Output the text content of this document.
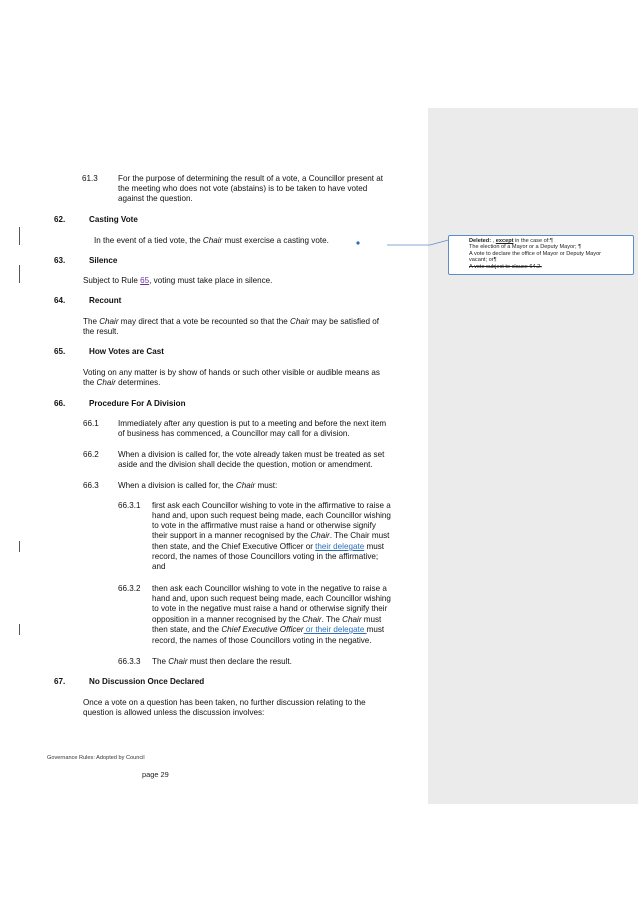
61.3 For the purpose of determining the result of a vote, a Councillor present at
the meeting who does not vote (abstains) is to be taken to have voted
against the question.
62.	Casting Vote
In the event of a tied vote, the Chair must exercise a casting vote.
63.	Silence
Subject to Rule 65, voting must take place in silence.
64.	Recount
The Chair may direct that a vote be recounted so that the Chair may be satisfied of
the result.
65.	How Votes are Cast
Voting on any matter is by show of hands or such other visible or audible means as
the Chair determines.
66.	Procedure For A Division
66.1 Immediately after any question is put to a meeting and before the next item
of business has commenced, a Councillor may call for a division.
66.2 When a division is called for, the vote already taken must be treated as set
aside and the division shall decide the question, motion or amendment.
66.3 When a division is called for, the Chair must:
66.3.1 first ask each Councillor wishing to vote in the affirmative to raise a
hand and, upon such request being made, each Councillor wishing
to vote in the affirmative must raise a hand or otherwise signify
their support in a manner recognised by the Chair. The Chair must
then state, and the Chief Executive Officer or their delegate must
record, the names of those Councillors voting in the affirmative;
and
66.3.2 then ask each Councillor wishing to vote in the negative to raise a
hand and, upon such request being made, each Councillor wishing
to vote in the negative must raise a hand or otherwise signify their
opposition in a manner recognised by the Chair. The Chair must
then state, and the Chief Executive Officer or their delegate must
record, the names of those Councillors voting in the negative.
66.3.3 The Chair must then declare the result.
67.	No Discussion Once Declared
Once a vote on a question has been taken, no further discussion relating to the
question is allowed unless the discussion involves:
Governance Rules: Adopted by Council
page 29
Deleted: , except in the case of:¶
The election of a Mayor or a Deputy Mayor; ¶
A vote to declare the office of Mayor or Deputy Mayor
vacant; or¶
A vote subject to clause 64.2.
